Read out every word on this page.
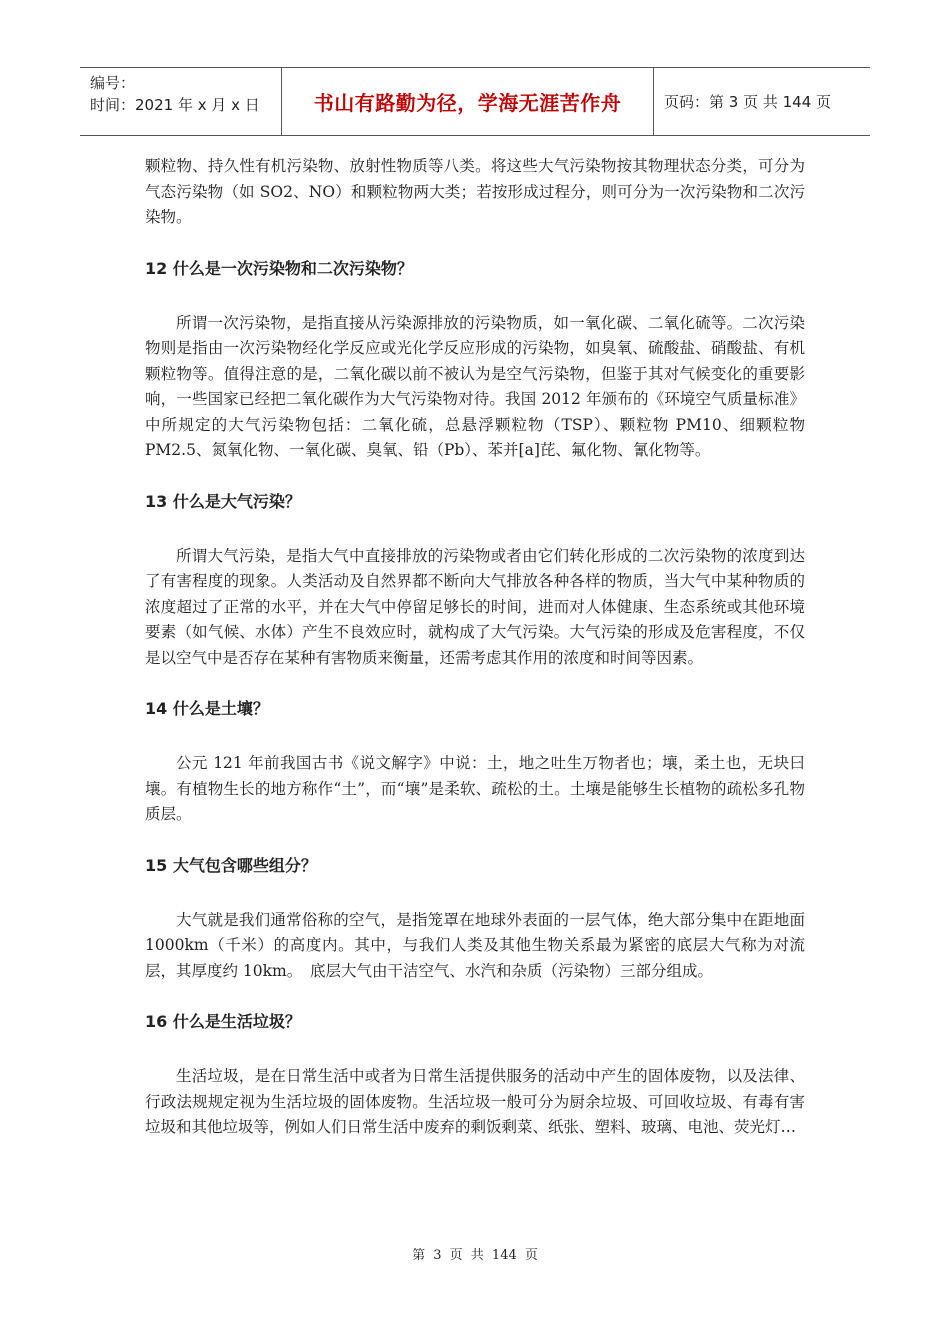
编号：
时间：2021 年 x 月 x 日	书山有路勤为径，学海无涯苦作舟	页码：第 3 页 共 144 页

颗粒物、持久性有机污染物、放射性物质等八类。将这些大气污染物按其物理状态分类，可分为气态污染物（如 SO2、NO）和颗粒物两大类；若按形成过程分，则可分为一次污染物和二次污染物。

12 什么是一次污染物和二次污染物？

所谓一次污染物，是指直接从污染源排放的污染物质，如一氧化碳、二氧化硫等。二次污染物则是指由一次污染物经化学反应或光化学反应形成的污染物，如臭氧、硫酸盐、硝酸盐、有机颗粒物等。值得注意的是，二氧化碳以前不被认为是空气污染物，但鉴于其对气候变化的重要影响，一些国家已经把二氧化碳作为大气污染物对待。我国 2012 年颁布的《环境空气质量标准》中所规定的大气污染物包括：二氧化硫，总悬浮颗粒物（TSP）、颗粒物 PM10、细颗粒物 PM2.5、氮氧化物、一氧化碳、臭氧、铅（Pb）、苯并[a]芘、氟化物、氰化物等。

13 什么是大气污染？

所谓大气污染，是指大气中直接排放的污染物或者由它们转化形成的二次污染物的浓度到达了有害程度的现象。人类活动及自然界都不断向大气排放各种各样的物质，当大气中某种物质的浓度超过了正常的水平，并在大气中停留足够长的时间，进而对人体健康、生态系统或其他环境要素（如气候、水体）产生不良效应时，就构成了大气污染。大气污染的形成及危害程度，不仅是以空气中是否存在某种有害物质来衡量，还需考虑其作用的浓度和时间等因素。

14 什么是土壤？

公元 121 年前我国古书《说文解字》中说：土，地之吐生万物者也；壤，柔土也，无块曰壤。有植物生长的地方称作“土”，而“壤”是柔软、疏松的土。土壤是能够生长植物的疏松多孔物质层。

15 大气包含哪些组分？

大气就是我们通常俗称的空气，是指笼罩在地球外表面的一层气体，绝大部分集中在距地面 1000km（千米）的高度内。其中，与我们人类及其他生物关系最为紧密的底层大气称为对流层，其厚度约 10km。　底层大气由干洁空气、水汽和杂质（污染物）三部分组成。

16 什么是生活垃圾？

生活垃圾，是在日常生活中或者为日常生活提供服务的活动中产生的固体废物，以及法律、行政法规规定视为生活垃圾的固体废物。生活垃圾一般可分为厨余垃圾、可回收垃圾、有毒有害垃圾和其他垃圾等，例如人们日常生活中废弃的剩饭剩菜、纸张、塑料、玻璃、电池、荧光灯…

第 3 页 共 144 页
